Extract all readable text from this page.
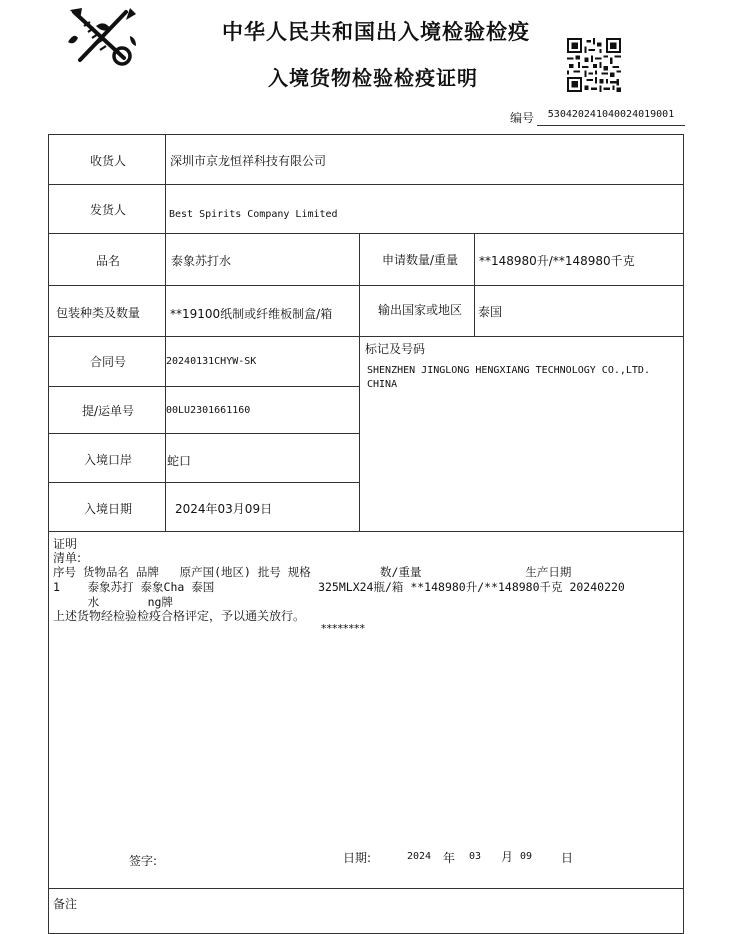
中华人民共和国出入境检验检疫
入境货物检验检疫证明
编号	530420241040024019001
收货人	深圳市京龙恒祥科技有限公司
发货人	Best Spirits Company Limited
品名	泰象苏打水	申请数量/重量 **148980升/**148980千克
包装种类及数量 **19100纸制或纤维板制盒/箱	输出国家或地区 泰国
合同号	20240131CHYW-SK
提/运单号	00LU2301661160
入境口岸	蛇口
入境日期	2024年03月09日
标记及号码
SHENZHEN JINGLONG HENGXIANG TECHNOLOGY CO.,LTD.
CHINA
证明
清单:
序号 货物品名 品牌   原产国(地区) 批号 规格          数/重量               生产日期
1    泰象苏打 泰象Cha 泰国               325MLX24瓶/箱 **148980升/**148980千克 20240220
水       ng牌
上述货物经检验检疫合格评定，予以通关放行。
********
签字:	日期:	2024 年 03 月 09 日
备注
